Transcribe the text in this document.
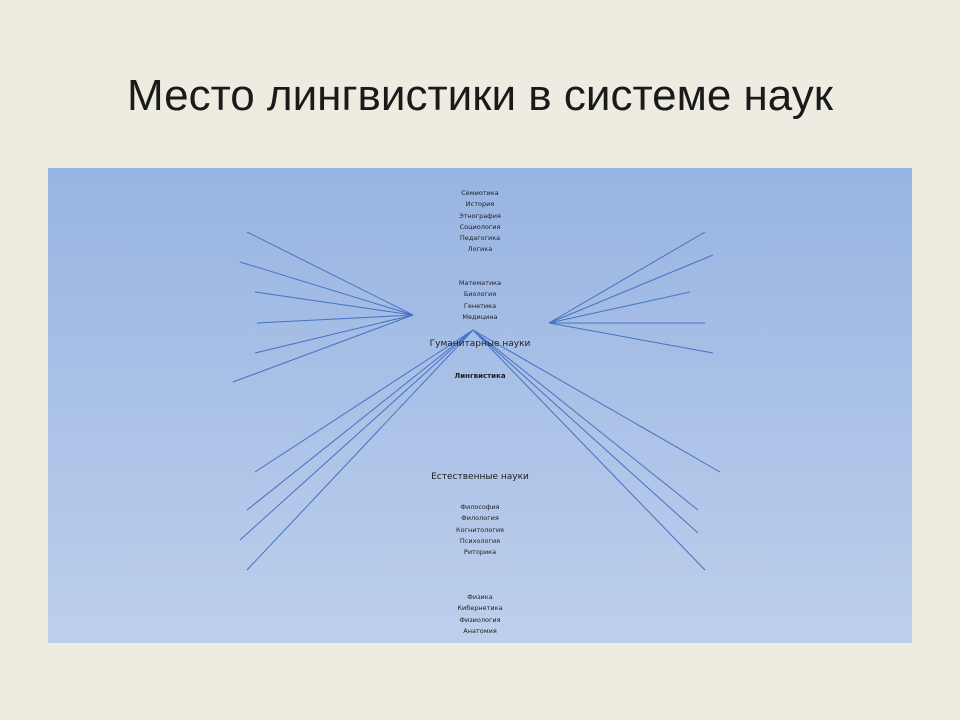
Место лингвистики в системе наук
Семиотика
История
Этнография
Социология
Педагогика
Логика
Математика
Биология
Генетика
Медицина
Гуманитарные науки
Лингвистика
Естественные науки
Философия
Филология
Когнитология
Психология
Риторика
Физика
Кибернетика
Физиология
Анатомия
